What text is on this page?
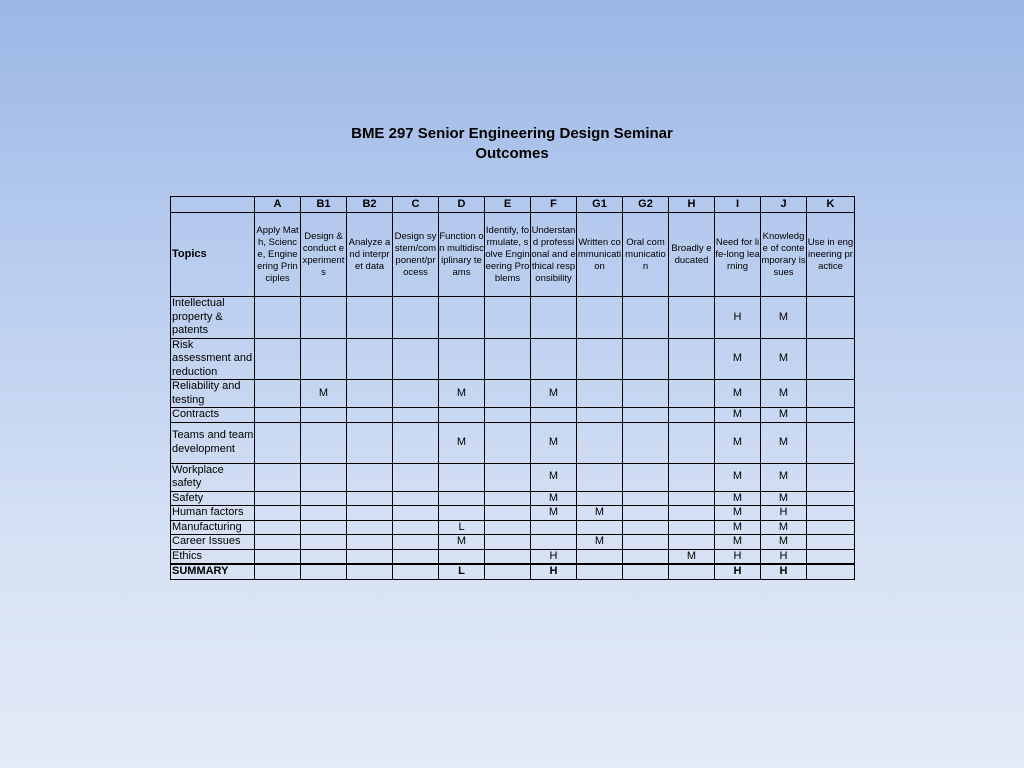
BME 297 Senior Engineering Design Seminar
Outcomes
	A	B1	B2	C	D	E	F	G1	G2	H	I	J	K
Topics	Apply Math, Science, Engineering Principles	Design & conduct experiments	Analyze and interpret data	Design system/component/process	Function on multidisciplinary teams	Identify, formulate, solve Engineering Problems	Understand professional and ethical responsibility	Written communication	Oral communication	Broadly educated	Need for life-long learning	Knowledge of contemporary issues	Use in engineering practice
Intellectual property & patents											H	M	
Risk assessment and reduction											M	M	
Reliability and testing		M			M		M				M	M	
Contracts											M	M	
Teams and team development					M		M				M	M	
Workplace safety							M				M	M	
Safety							M				M	M	
Human factors							M	M			M	H	
Manufacturing					L						M	M	
Career Issues					M			M			M	M	
Ethics							H			M	H	H	
SUMMARY					L		H				H	H	
